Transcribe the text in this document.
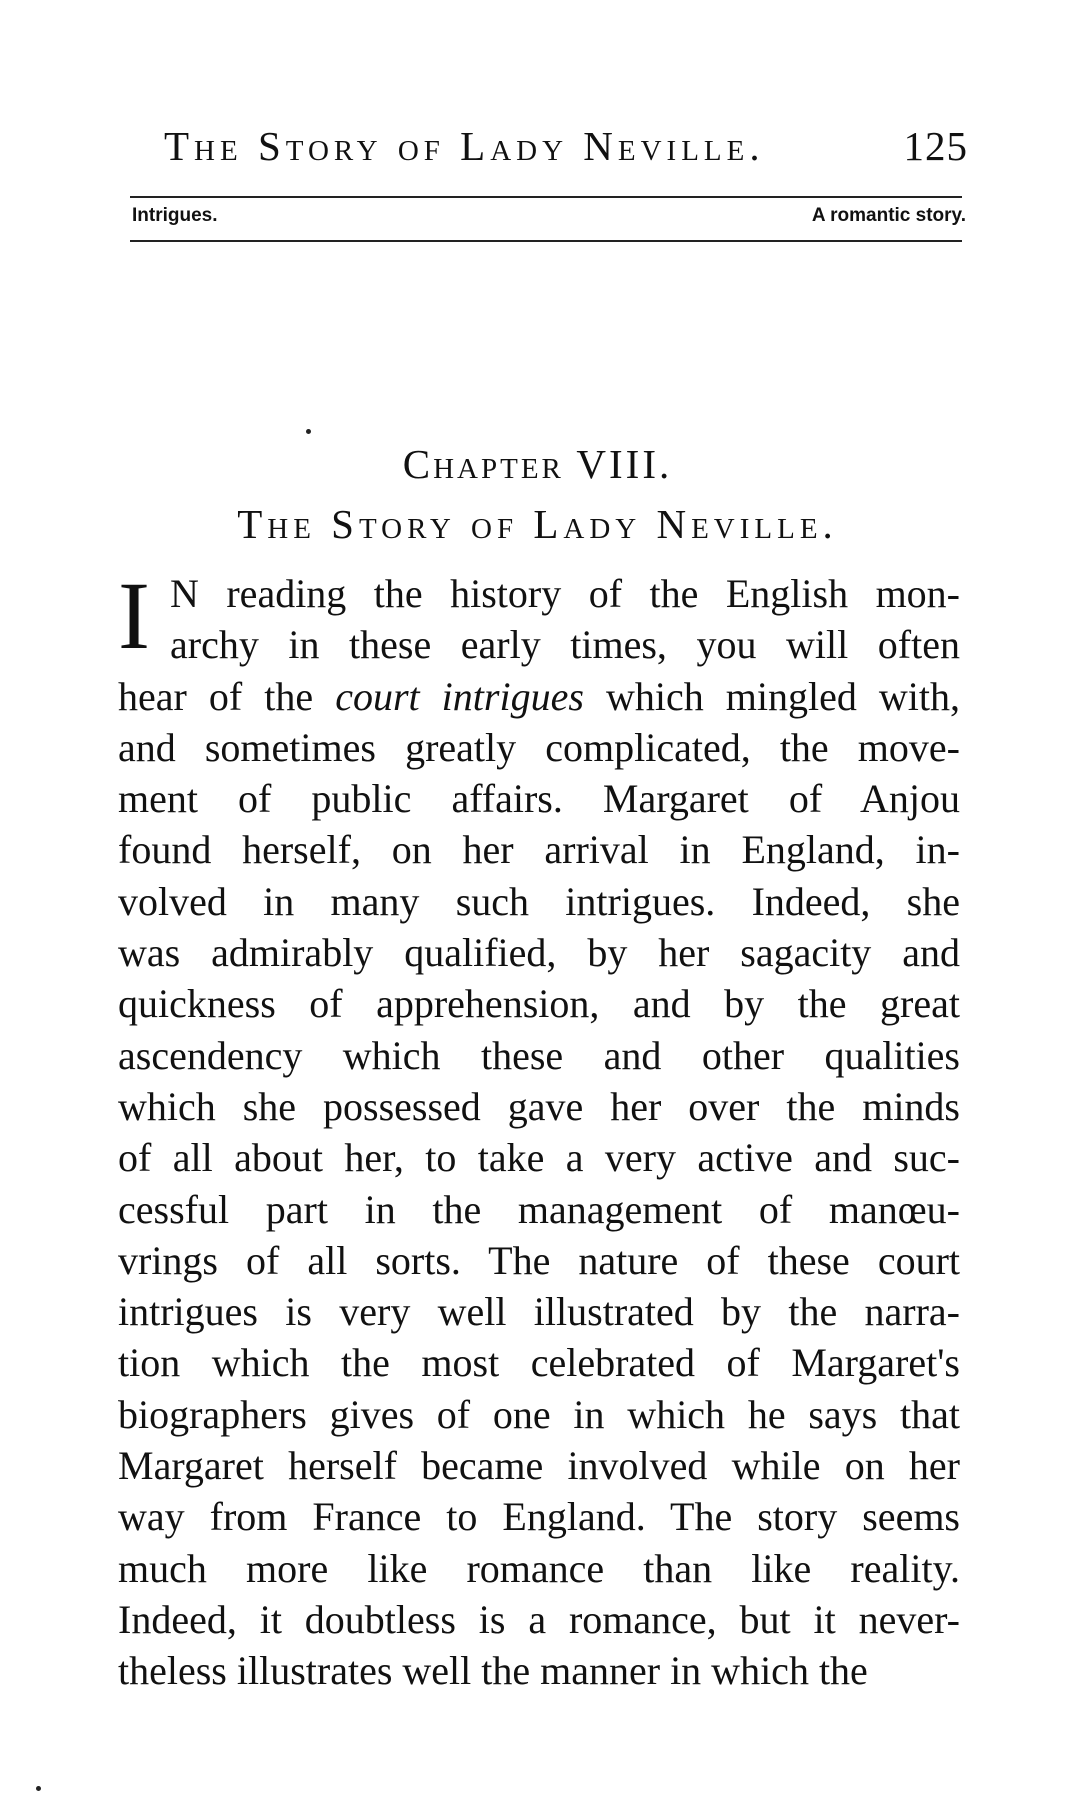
The Story of Lady Neville.	125
Intrigues.	A romantic story.
Chapter VIII.
The Story of Lady Neville.
I N reading the history of the English mon-
archy in these early times, you will often
hear of the court intrigues which mingled with,
and sometimes greatly complicated, the move-
ment of public affairs. Margaret of Anjou
found herself, on her arrival in England, in-
volved in many such intrigues. Indeed, she
was admirably qualified, by her sagacity and
quickness of apprehension, and by the great
ascendency which these and other qualities
which she possessed gave her over the minds
of all about her, to take a very active and suc-
cessful part in the management of manœu-
vrings of all sorts. The nature of these court
intrigues is very well illustrated by the narra-
tion which the most celebrated of Margaret's
biographers gives of one in which he says that
Margaret herself became involved while on her
way from France to England. The story seems
much more like romance than like reality.
Indeed, it doubtless is a romance, but it never-
theless illustrates well the manner in which the
